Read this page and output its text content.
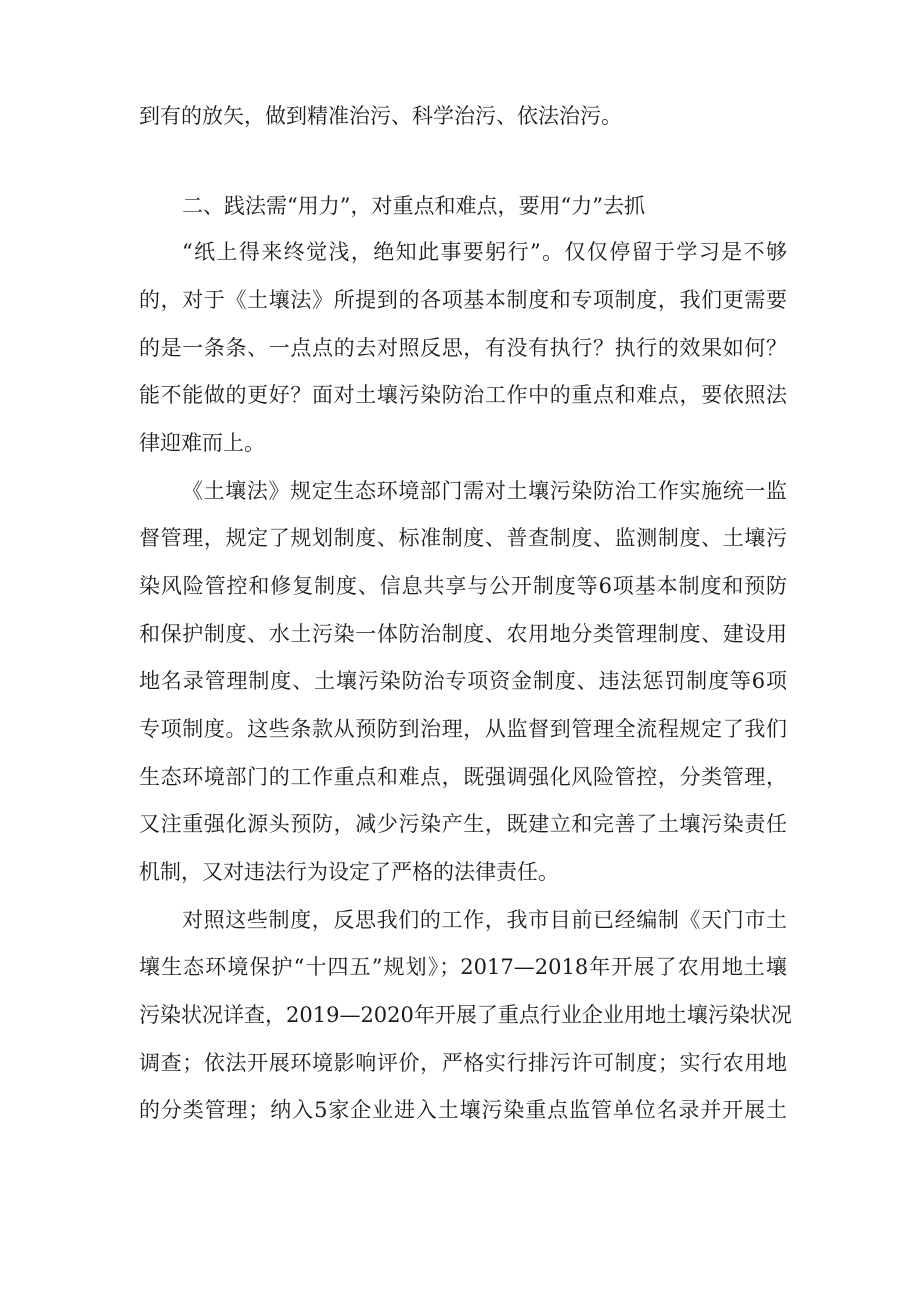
到有的放矢，做到精准治污、科学治污、依法治污。
二、践法需“用力”，对重点和难点，要用“力”去抓
“纸上得来终觉浅，绝知此事要躬行”。仅仅停留于学习是不够
的，对于《土壤法》所提到的各项基本制度和专项制度，我们更需要
的是一条条、一点点的去对照反思，有没有执行？执行的效果如何？
能不能做的更好？面对土壤污染防治工作中的重点和难点，要依照法
律迎难而上。
《土壤法》规定生态环境部门需对土壤污染防治工作实施统一监
督管理，规定了规划制度、标准制度、普查制度、监测制度、土壤污
染风险管控和修复制度、信息共享与公开制度等6项基本制度和预防
和保护制度、水土污染一体防治制度、农用地分类管理制度、建设用
地名录管理制度、土壤污染防治专项资金制度、违法惩罚制度等6项
专项制度。这些条款从预防到治理，从监督到管理全流程规定了我们
生态环境部门的工作重点和难点，既强调强化风险管控，分类管理，
又注重强化源头预防，减少污染产生，既建立和完善了土壤污染责任
机制，又对违法行为设定了严格的法律责任。
对照这些制度，反思我们的工作，我市目前已经编制《天门市土
壤生态环境保护“十四五”规划》；2017—2018年开展了农用地土壤
污染状况详查，2019—2020年开展了重点行业企业用地土壤污染状况
调查；依法开展环境影响评价，严格实行排污许可制度；实行农用地
的分类管理；纳入5家企业进入土壤污染重点监管单位名录并开展土
